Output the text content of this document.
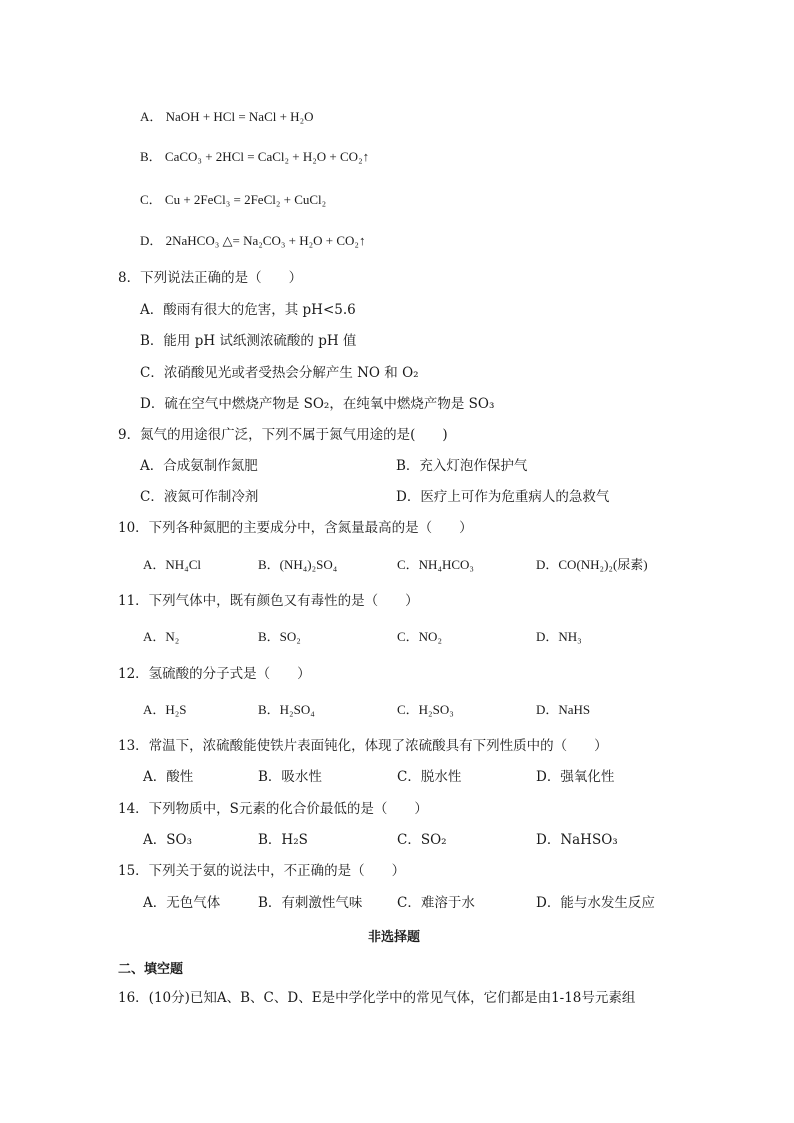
A． NaOH + HCl = NaCl + H₂O
B． CaCO₃ + 2HCl = CaCl₂ + H₂O + CO₂↑
C． Cu + 2FeCl₃ = 2FeCl₂ + CuCl₂
D． 2NaHCO₃ △= Na₂CO₃ + H₂O + CO₂↑
8．下列说法正确的是（　　）
A．酸雨有很大的危害，其 pH<5.6
B．能用 pH 试纸测浓硫酸的 pH 值
C．浓硝酸见光或者受热会分解产生 NO 和 O₂
D．硫在空气中燃烧产物是 SO₂，在纯氧中燃烧产物是 SO₃
9．氮气的用途很广泛，下列不属于氮气用途的是(　　)
A．合成氨制作氮肥	B．充入灯泡作保护气
C．液氮可作制冷剂	D．医疗上可作为危重病人的急救气
10．下列各种氮肥的主要成分中，含氮量最高的是（　　）
A．NH₄Cl	B．(NH₄)₂SO₄	C．NH₄HCO₃	D．CO(NH₂)₂(尿素)
11．下列气体中，既有颜色又有毒性的是（　　）
A．N₂	B．SO₂	C．NO₂	D．NH₃
12．氢硫酸的分子式是（　　）
A．H₂S	B．H₂SO₄	C．H₂SO₃	D．NaHS
13．常温下，浓硫酸能使铁片表面钝化，体现了浓硫酸具有下列性质中的（　　）
A．酸性	B．吸水性	C．脱水性	D．强氧化性
14．下列物质中，S元素的化合价最低的是（　　）
A．SO₃	B．H₂S	C．SO₂	D．NaHSO₃
15．下列关于氨的说法中，不正确的是（　　）
A．无色气体	B．有刺激性气味	C．难溶于水	D．能与水发生反应
非选择题
二、填空题
16．(10分)已知A、B、C、D、E是中学化学中的常见气体，它们都是由1-18号元素组
